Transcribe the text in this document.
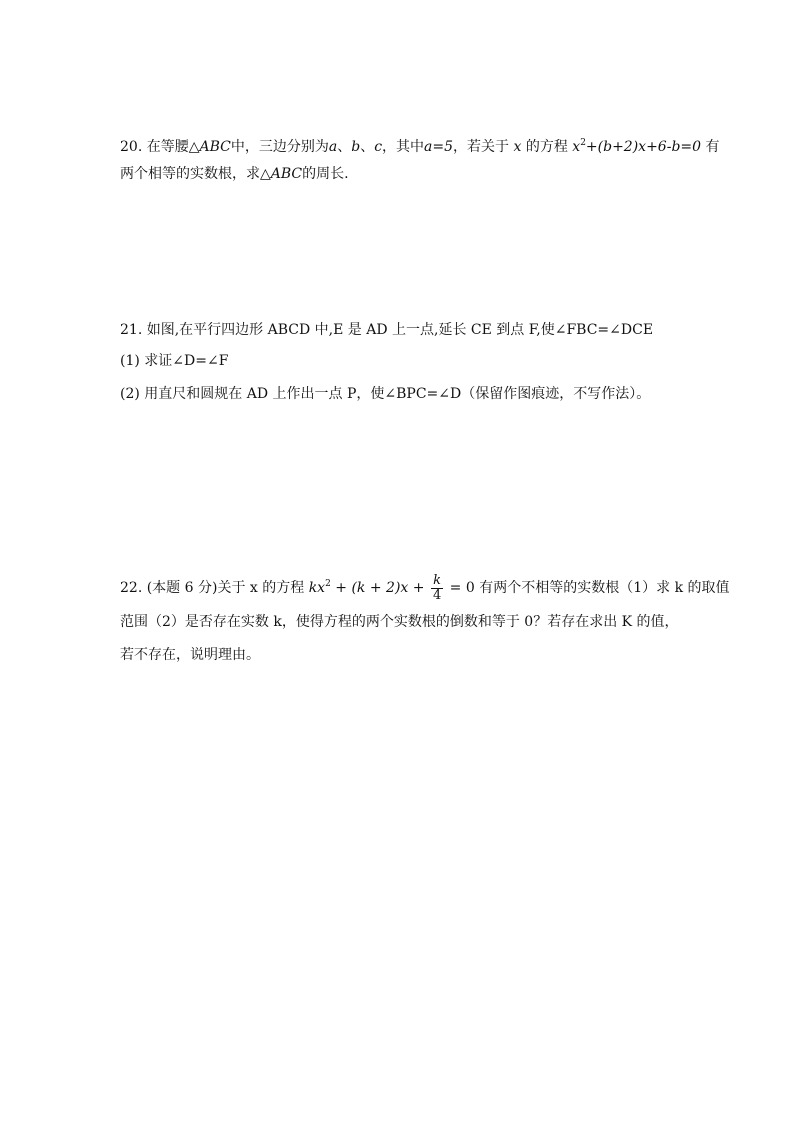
20. 在等腰△ABC中，三边分别为a、b、c，其中a=5，若关于 x 的方程 $x^2+(b+2)x+6-b=0$ 有
两个相等的实数根，求△ABC的周长.
21. 如图,在平行四边形 ABCD 中,E 是 AD 上一点,延长 CE 到点 F,使∠FBC=∠DCE
(1) 求证∠D=∠F
(2) 用直尺和圆规在 AD 上作出一点 P，使∠BPC=∠D（保留作图痕迹，不写作法）。
22. (本题 6 分)关于 x 的方程 $kx^2 + (k + 2)x + \frac{k}{4} = 0$ 有两个不相等的实数根（1）求 k 的取值
范围（2）是否存在实数 k，使得方程的两个实数根的倒数和等于 0？若存在求出 K 的值，
若不存在，说明理由。
